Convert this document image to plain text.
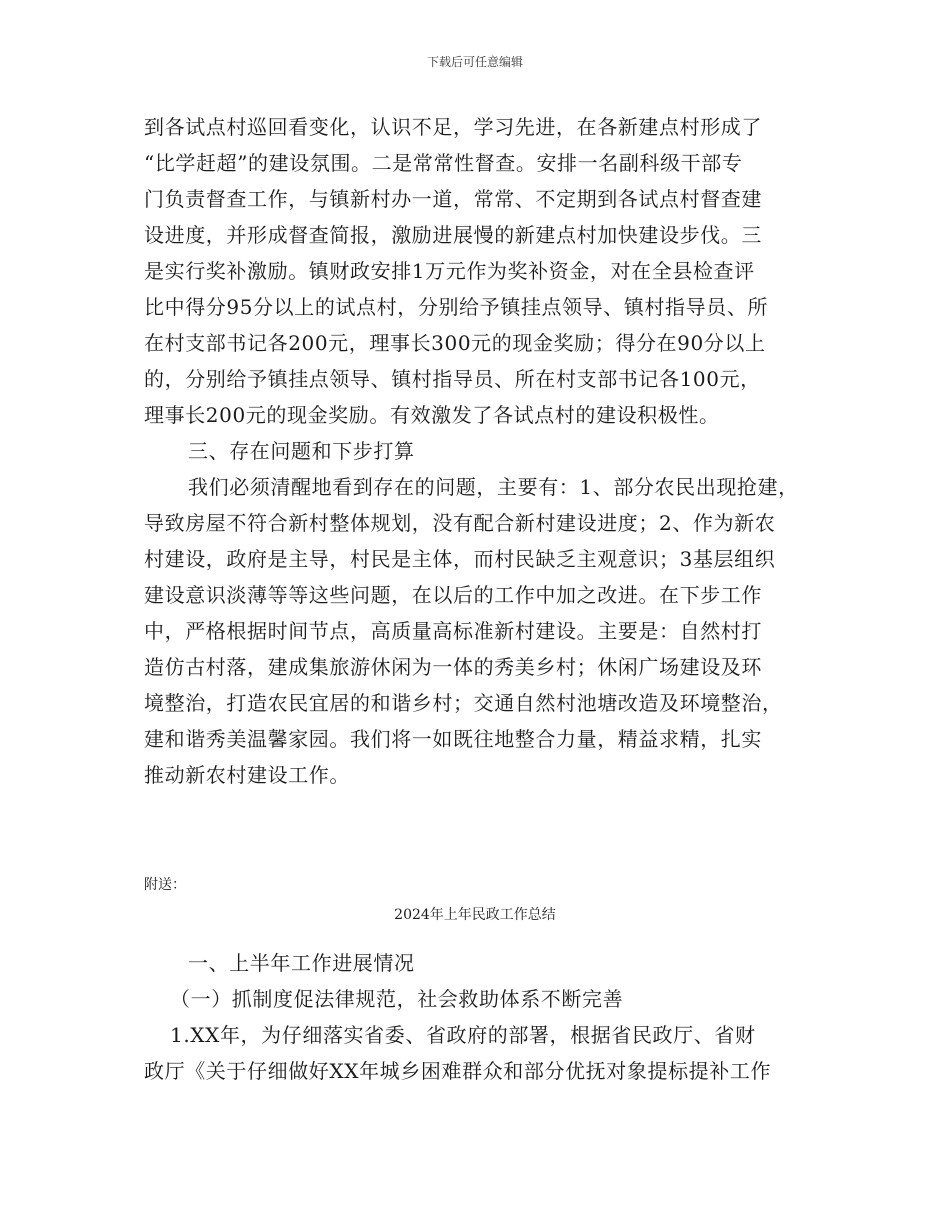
下载后可任意编辑
到各试点村巡回看变化，认识不足，学习先进，在各新建点村形成了
“比学赶超”的建设氛围。二是常常性督查。安排一名副科级干部专
门负责督查工作，与镇新村办一道，常常、不定期到各试点村督查建
设进度，并形成督查简报，激励进展慢的新建点村加快建设步伐。三
是实行奖补激励。镇财政安排1万元作为奖补资金，对在全县检查评
比中得分95分以上的试点村，分别给予镇挂点领导、镇村指导员、所
在村支部书记各200元，理事长300元的现金奖励；得分在90分以上
的，分别给予镇挂点领导、镇村指导员、所在村支部书记各100元，
理事长200元的现金奖励。有效激发了各试点村的建设积极性。
三、存在问题和下步打算
我们必须清醒地看到存在的问题，主要有：1、部分农民出现抢建，
导致房屋不符合新村整体规划，没有配合新村建设进度；2、作为新农
村建设，政府是主导，村民是主体，而村民缺乏主观意识；3基层组织
建设意识淡薄等等这些问题，在以后的工作中加之改进。在下步工作
中，严格根据时间节点，高质量高标准新村建设。主要是：自然村打
造仿古村落，建成集旅游休闲为一体的秀美乡村；休闲广场建设及环
境整治，打造农民宜居的和谐乡村；交通自然村池塘改造及环境整治，
建和谐秀美温馨家园。我们将一如既往地整合力量，精益求精，扎实
推动新农村建设工作。
附送：
2024年上年民政工作总结
一、上半年工作进展情况
（一）抓制度促法律规范，社会救助体系不断完善
1.XX年，为仔细落实省委、省政府的部署，根据省民政厅、省财
政厅《关于仔细做好XX年城乡困难群众和部分优抚对象提标提补工作
